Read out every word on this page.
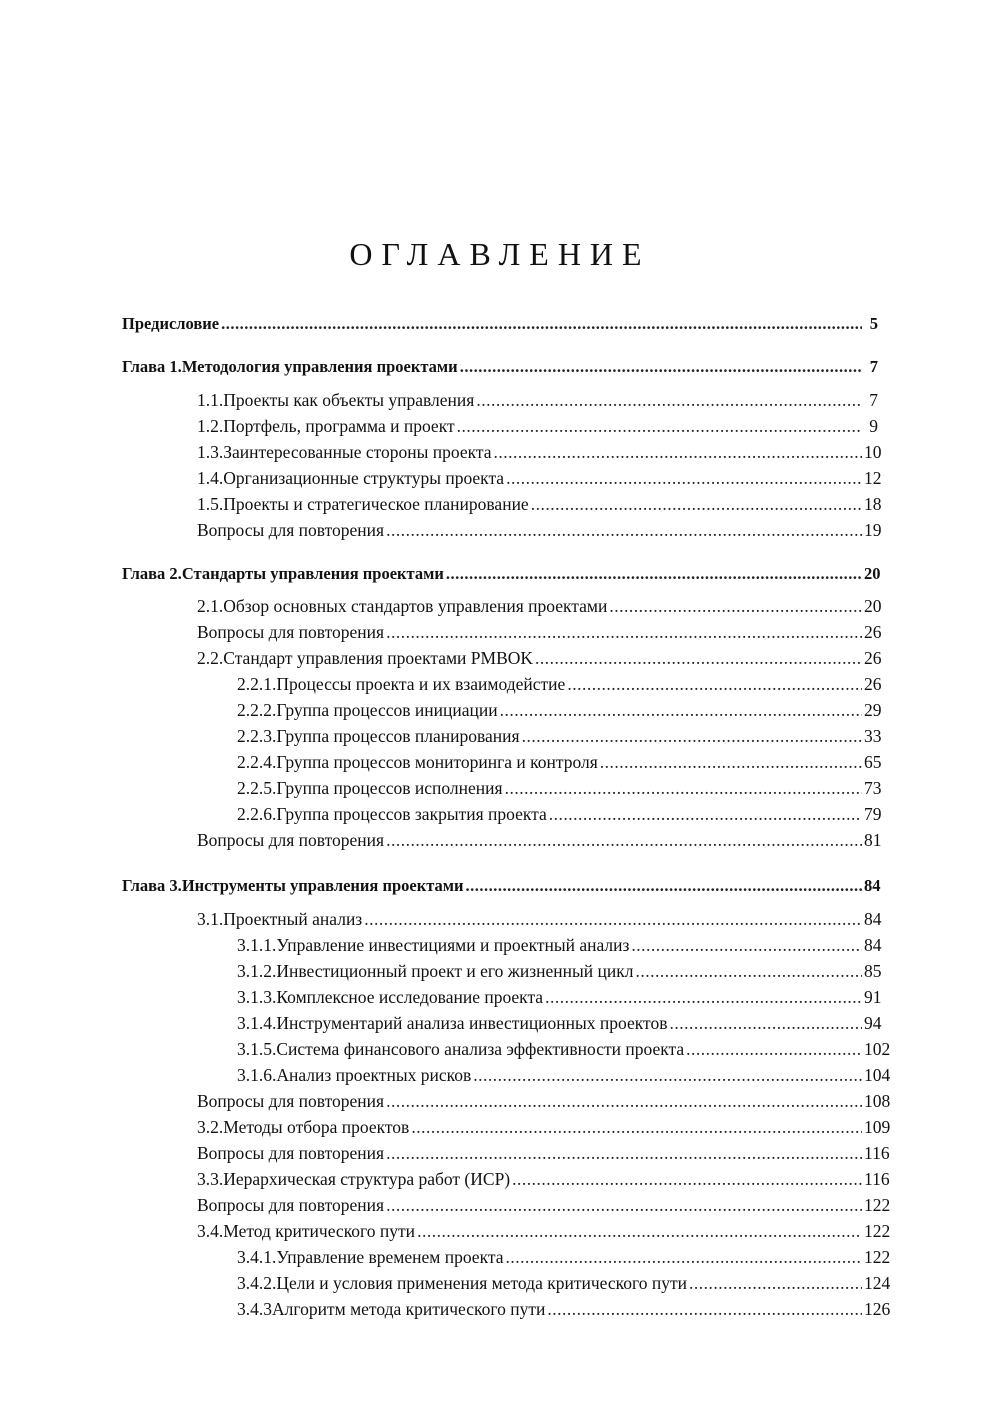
ОГЛАВЛЕНИЕ
Предисловие .....	5
Глава 1. Методология управления проектами .....	7
1.1. Проекты как объекты управления .....	7
1.2. Портфель, программа и проект .....	9
1.3. Заинтересованные стороны проекта .....	10
1.4. Организационные структуры проекта .....	12
1.5. Проекты и стратегическое планирование .....	18
Вопросы для повторения .....	19
Глава 2. Стандарты управления проектами .....	20
2.1. Обзор основных стандартов управления проектами .....	20
Вопросы для повторения .....	26
2.2. Стандарт управления проектами PMBOK .....	26
2.2.1. Процессы проекта и их взаимодейстие .....	26
2.2.2. Группа процессов инициации .....	29
2.2.3. Группа процессов планирования .....	33
2.2.4. Группа процессов мониторинга и контроля .....	65
2.2.5. Группа процессов исполнения .....	73
2.2.6. Группа процессов закрытия проекта .....	79
Вопросы для повторения .....	81
Глава 3. Инструменты управления проектами .....	84
3.1. Проектный анализ .....	84
3.1.1. Управление инвестициями и проектный анализ .....	84
3.1.2. Инвестиционный проект и его жизненный цикл .....	85
3.1.3. Комплексное исследование проекта .....	91
3.1.4. Инструментарий анализа инвестиционных проектов .....	94
3.1.5. Система финансового анализа эффективности проекта .....	102
3.1.6. Анализ проектных рисков .....	104
Вопросы для повторения .....	108
3.2. Методы отбора проектов .....	109
Вопросы для повторения .....	116
3.3. Иерархическая структура работ (ИСР) .....	116
Вопросы для повторения .....	122
3.4. Метод критического пути .....	122
3.4.1. Управление временем проекта .....	122
3.4.2. Цели и условия применения метода критического пути .....	124
3.4.3 Алгоритм метода критического пути .....	126
